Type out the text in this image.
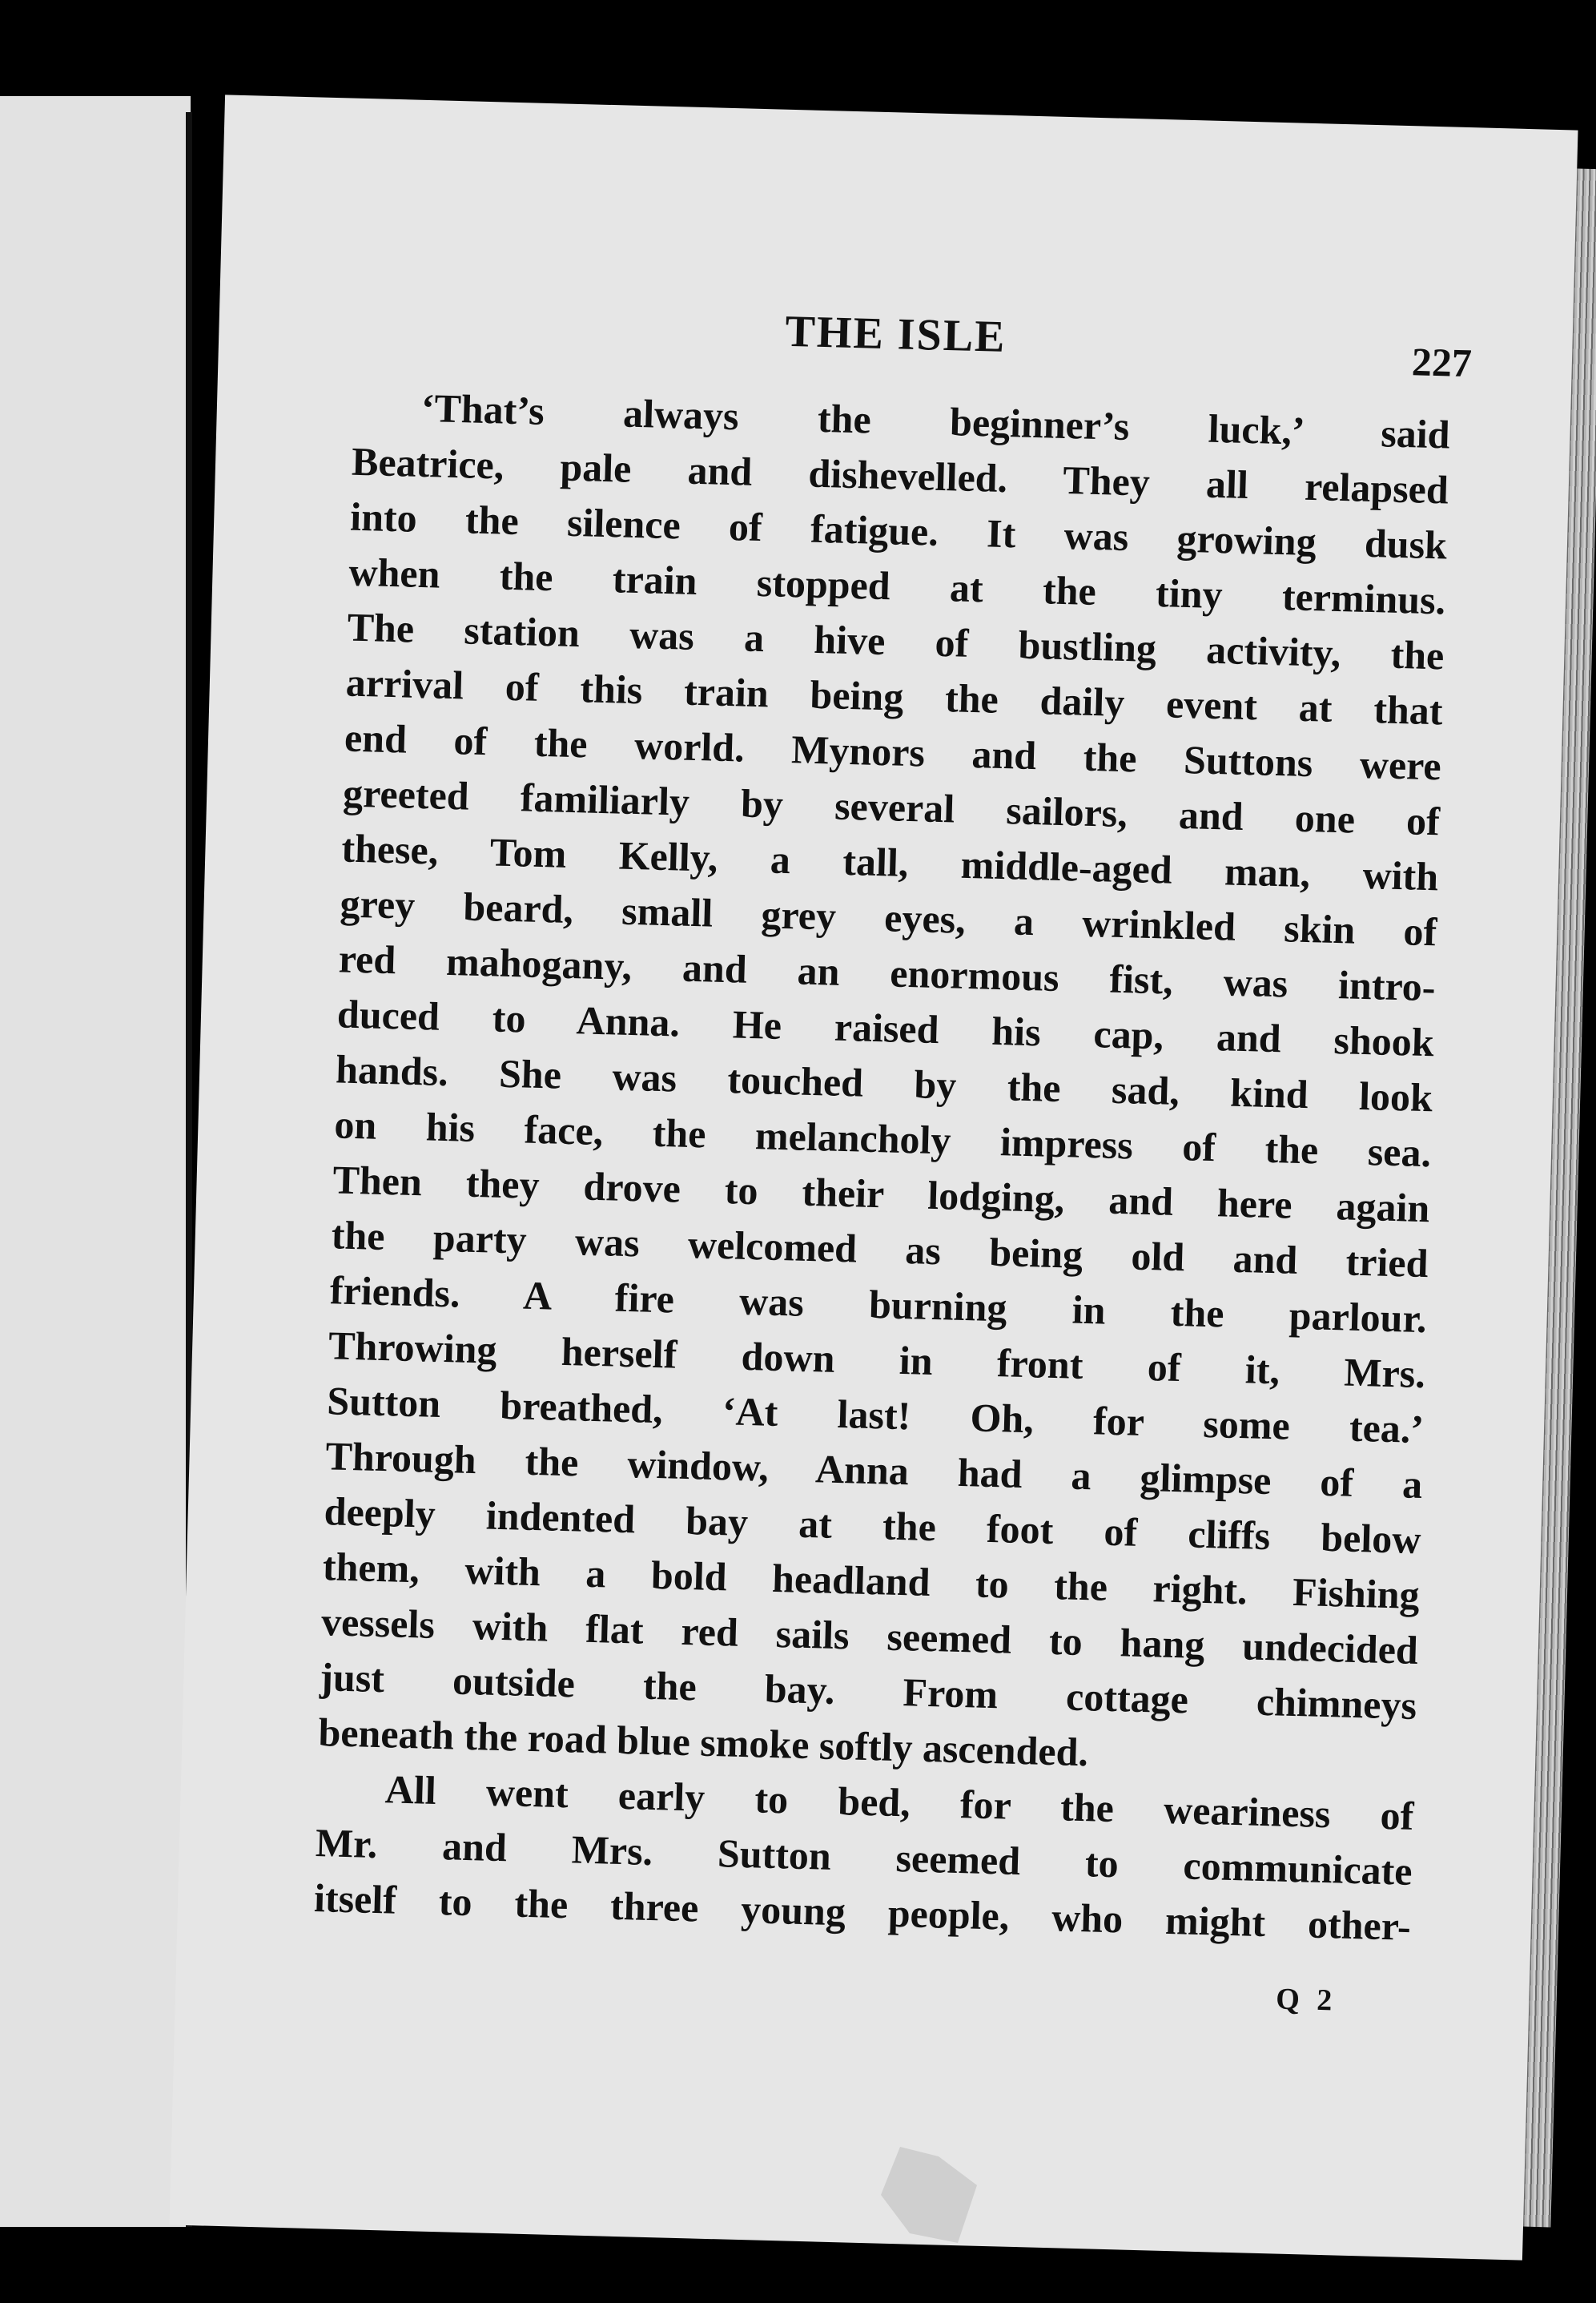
THE ISLE
227
‘That’s always the beginner’s luck,’ said
Beatrice, pale and dishevelled. They all relapsed
into the silence of fatigue. It was growing dusk
when the train stopped at the tiny terminus.
The station was a hive of bustling activity, the
arrival of this train being the daily event at that
end of the world. Mynors and the Suttons were
greeted familiarly by several sailors, and one of
these, Tom Kelly, a tall, middle-aged man, with
grey beard, small grey eyes, a wrinkled skin of
red mahogany, and an enormous fist, was intro-
duced to Anna. He raised his cap, and shook
hands. She was touched by the sad, kind look
on his face, the melancholy impress of the sea.
Then they drove to their lodging, and here again
the party was welcomed as being old and tried
friends. A fire was burning in the parlour.
Throwing herself down in front of it, Mrs.
Sutton breathed, ‘At last! Oh, for some tea.’
Through the window, Anna had a glimpse of a
deeply indented bay at the foot of cliffs below
them, with a bold headland to the right. Fishing
vessels with flat red sails seemed to hang undecided
just outside the bay. From cottage chimneys
beneath the road blue smoke softly ascended.
All went early to bed, for the weariness of
Mr. and Mrs. Sutton seemed to communicate
itself to the three young people, who might other-
Q 2
